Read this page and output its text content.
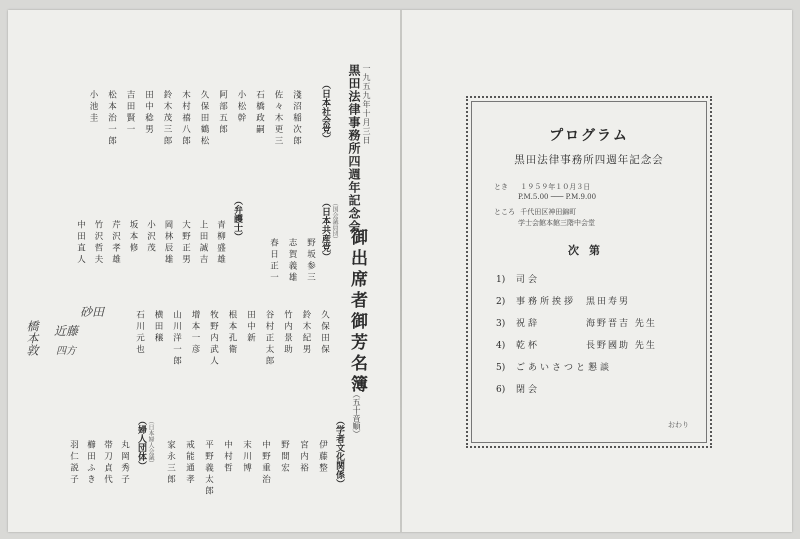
一九五九年十月三日
黒田法律事務所四週年記念会
御出席者御芳名簿
（五十音順）
砂田
近藤
四方
橋本敦
（日本社会党）
淺沼稲次郎
佐々木更三
石橋政嗣
小松幹
阿部五郎
久保田鶴松
木村禧八郎
鈴木茂三郎
田中稔男
吉田賢一
松本治一郎
小池圭
（日本共産党） （国会議員団）
野坂参三
志賀義雄
春日正一
（弁護士）
青柳盛雄
上田誠吉
大野正男
岡林辰雄
小沢茂
坂本修
芹沢孝雄
竹沢哲夫
中田直人
久保田保
鈴木紀男
竹内景助
谷村正太郎
田中新
根本孔衛
牧野内武人
增本一彦
山川洋一郎
横田穣
石川元也
（学者文化関係）
伊藤整
宮内裕
野間宏
中野重治
末川博
中村哲
平野義太郎
戒能通孝
家永三郎
（婦人団体） （日本婦人会議）
丸岡秀子
帯刀貞代
櫛田ふき
羽仁説子
プログラム
黒田法律事務所四週年記念会
とき １９５９年１０月３日
P.M.5.00 ─── P.M.9.00
ところ 千代田区神田錦町
学士会館本館三階中会堂
次第
1) 司会
2) 事務所挨拶 黒田寿男
3) 祝辞	海野晋吉 先生
4) 乾杯	長野國助 先生
5) ごあいさつと懇談
6) 閉会
おわり
